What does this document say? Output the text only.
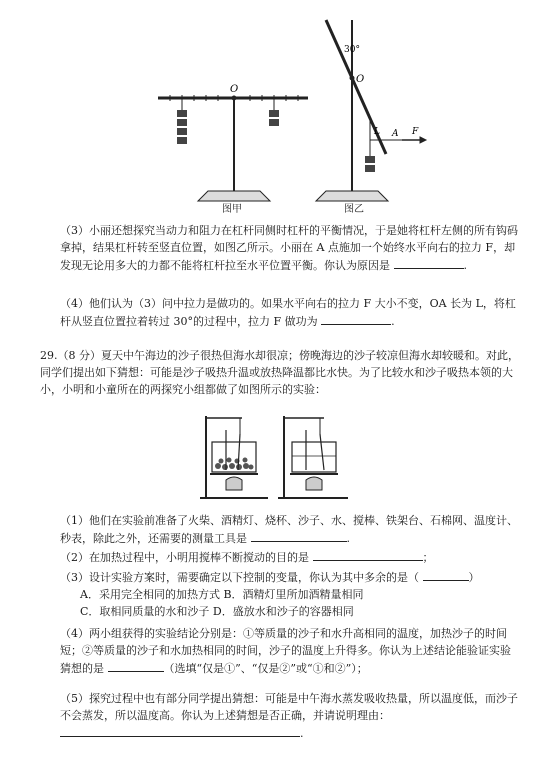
O
30°
O
L A F
图甲	图乙

（3）小丽还想探究当动力和阻力在杠杆同侧时杠杆的平衡情况，于是她将杠杆左侧的所有钩码拿掉，结果杠杆转至竖直位置，如图乙所示。小丽在 A 点施加一个始终水平向右的拉力 F，却发现无论用多大的力都不能将杠杆拉至水平位置平衡。你认为原因是	.

（4）他们认为（3）问中拉力是做功的。如果水平向右的拉力 F 大小不变，OA 长为 L，将杠杆从竖直位置拉着转过 30°的过程中，拉力 F 做功为	.

29.（8 分）夏天中午海边的沙子很热但海水却很凉；傍晚海边的沙子较凉但海水却较暖和。对此，同学们提出如下猜想：可能是沙子吸热升温或放热降温都比水快。为了比较水和沙子吸热本领的大小，小明和小童所在的两探究小组都做了如图所示的实验：

（1）他们在实验前准备了火柴、酒精灯、烧杯、沙子、水、搅棒、铁架台、石棉网、温度计、秒表，除此之外，还需要的测量工具是	.

（2）在加热过程中，小明用搅棒不断搅动的目的是	；

（3）设计实验方案时，需要确定以下控制的变量，你认为其中多余的是（	）

A．采用完全相同的加热方式 B．酒精灯里所加酒精量相同

C．取相同质量的水和沙子 D．盛放水和沙子的容器相同

（4）两小组获得的实验结论分别是：①等质量的沙子和水升高相同的温度，加热沙子的时间短；②等质量的沙子和水加热相同的时间，沙子的温度上升得多。你认为上述结论能验证实验猜想的是	（选填“仅是①”、“仅是②”或“①和②”）；

（5）探究过程中也有部分同学提出猜想：可能是中午海水蒸发吸收热量，所以温度低，而沙子不会蒸发，所以温度高。你认为上述猜想是否正确，并请说明理由： .
